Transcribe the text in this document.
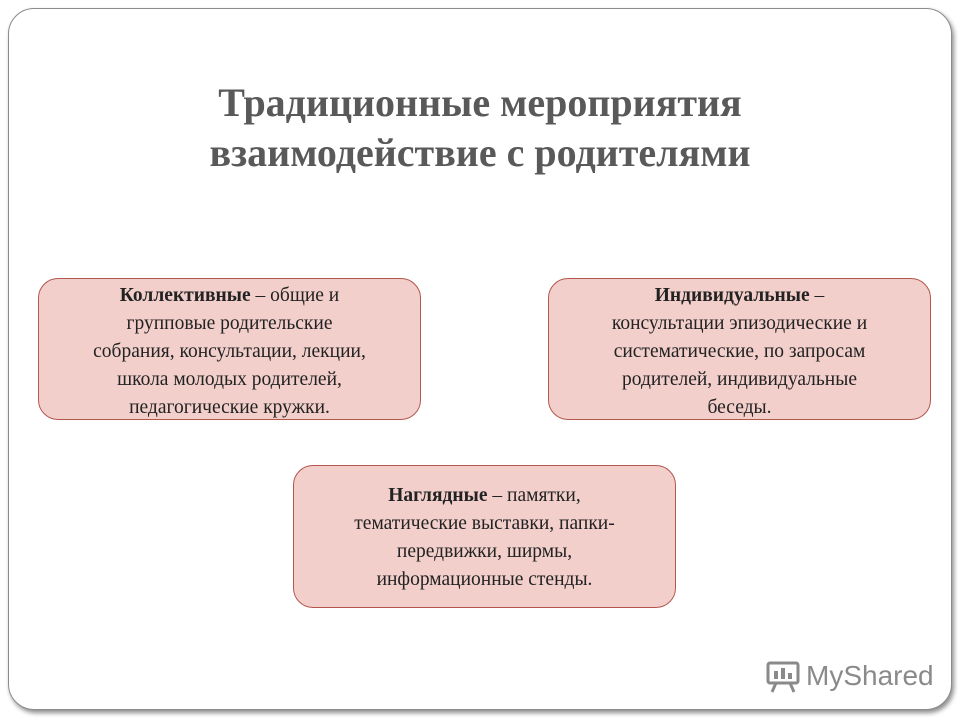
Традиционные мероприятия
взаимодействие с родителями
Коллективные – общие и
групповые родительские
собрания, консультации, лекции,
школа молодых родителей,
педагогические кружки.
Индивидуальные –
консультации эпизодические и
систематические, по запросам
родителей, индивидуальные
беседы.
Наглядные – памятки,
тематические выставки, папки-
передвижки, ширмы,
информационные стенды.
MyShared
